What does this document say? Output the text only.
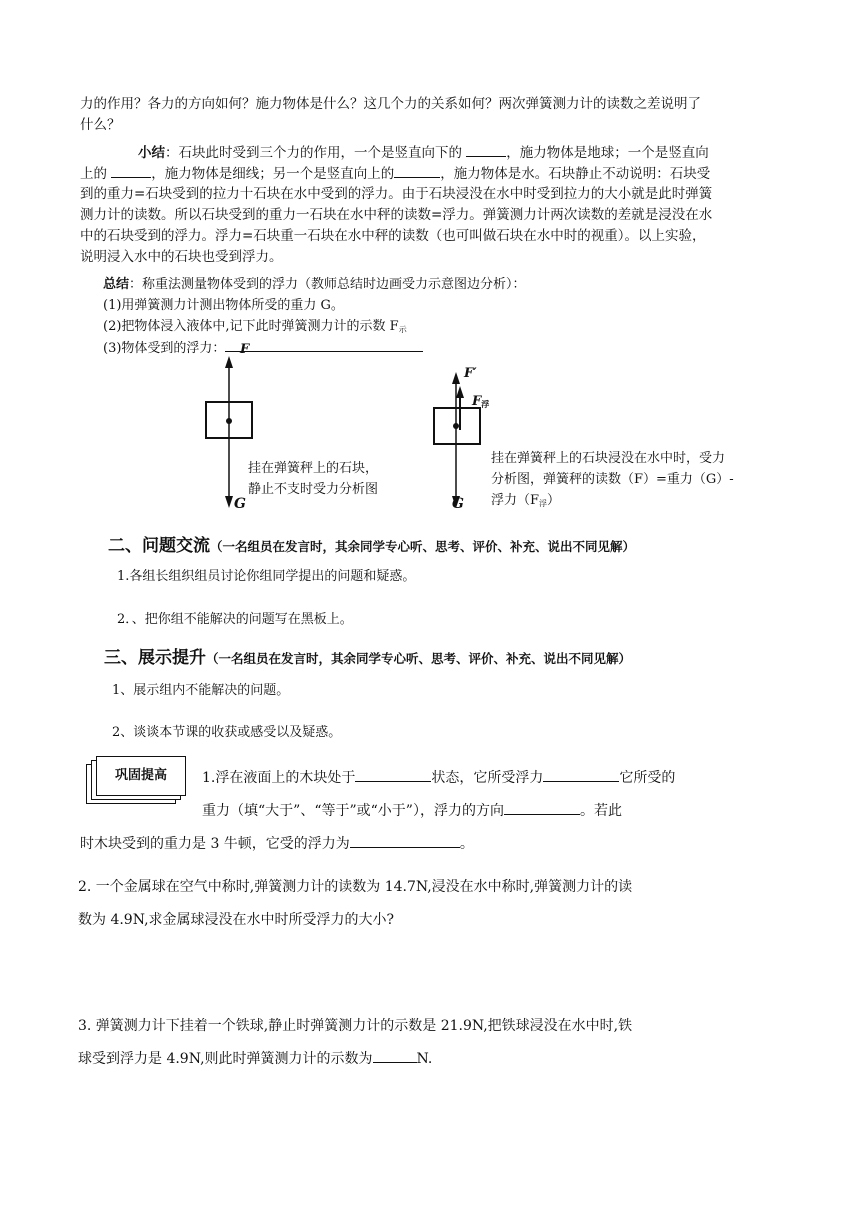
力的作用？各力的方向如何？施力物体是什么？这几个力的关系如何？两次弹簧测力计的读数之差说明了

什么？

小结：石块此时受到三个力的作用，一个是竖直向下的	，施力物体是地球；一个是竖直向

上的	，施力物体是细线；另一个是竖直向上的	，施力物体是水。石块静止不动说明：石块受

到的重力=石块受到的拉力十石块在水中受到的浮力。由于石块浸没在水中时受到拉力的大小就是此时弹簧

测力计的读数。所以石块受到的重力一石块在水中秤的读数=浮力。弹簧测力计两次读数的差就是浸没在水

中的石块受到的浮力。浮力=石块重一石块在水中秤的读数（也可叫做石块在水中时的视重）。以上实验，

说明浸入水中的石块也受到浮力。

总结：称重法测量物体受到的浮力（教师总结时边画受力示意图边分析）：

(1)用弹簧测力计测出物体所受的重力 G。

(2)把物体浸入液体中,记下此时弹簧测力计的示数 $F_示$

(3)物体受到的浮力：	F
G
挂在弹簧秤上的石块，
静止不支时受力分析图
F′
$F_浮$
G
挂在弹簧秤上的石块浸没在水中时，受力
分析图，弹簧秤的读数（F）=重力（G）-
浮力$(F_浮)$
二、问题交流（一名组员在发言时，其余同学专心听、思考、评价、补充、说出不同见解）

1.各组长组织组员讨论你组同学提出的问题和疑惑。

2．、把你组不能解决的问题写在黑板上。

三、展示提升（一名组员在发言时，其余同学专心听、思考、评价、补充、说出不同见解）

1、展示组内不能解决的问题。

2、谈谈本节课的收获或感受以及疑惑。

巩固提高	1.浮在液面上的木块处于	状态，它所受浮力	它所受的

重力（填“大于”、“等于”或“小于”），浮力的方向	。若此

时木块受到的重力是 3 牛顿，它受的浮力为	。

2. 一个金属球在空气中称时,弹簧测力计的读数为 14.7N,浸没在水中称时,弹簧测力计的读

数为 4.9N,求金属球浸没在水中时所受浮力的大小?

3. 弹簧测力计下挂着一个铁球,静止时弹簧测力计的示数是 21.9N,把铁球浸没在水中时,铁

球受到浮力是 4.9N,则此时弹簧测力计的示数为	N.
